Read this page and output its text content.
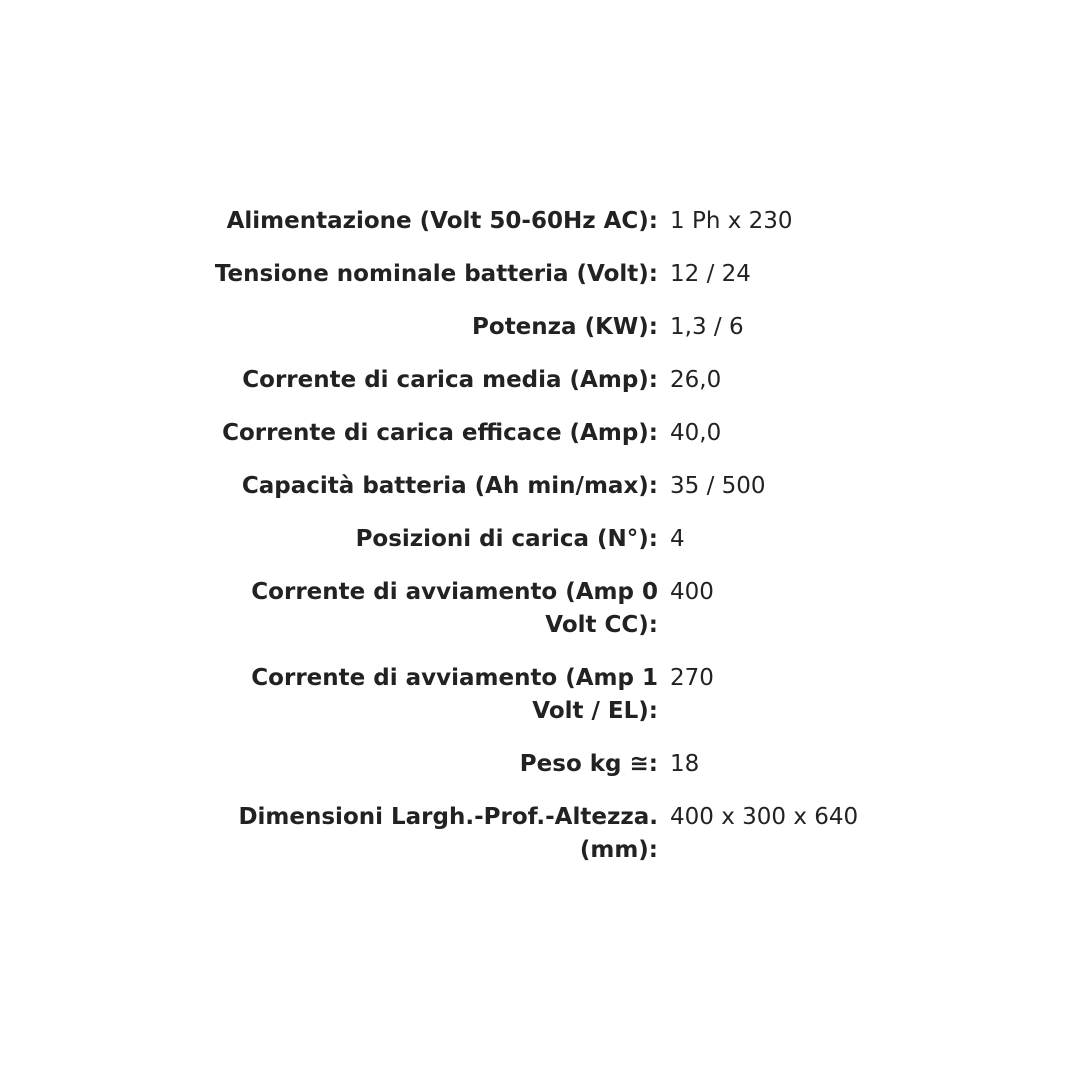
Alimentazione (Volt 50-60Hz AC):	1 Ph x 230
Tensione nominale batteria (Volt):	12 / 24
Potenza (KW):	1,3 / 6
Corrente di carica media (Amp):	26,0
Corrente di carica efficace (Amp):	40,0
Capacità batteria (Ah min/max):	35 / 500
Posizioni di carica (N°):	4
Corrente di avviamento (Amp 0 Volt CC):	400
Corrente di avviamento (Amp 1 Volt / EL):	270
Peso kg ≅:	18
Dimensioni Largh.-Prof.-Altezza. (mm):	400 x 300 x 640
